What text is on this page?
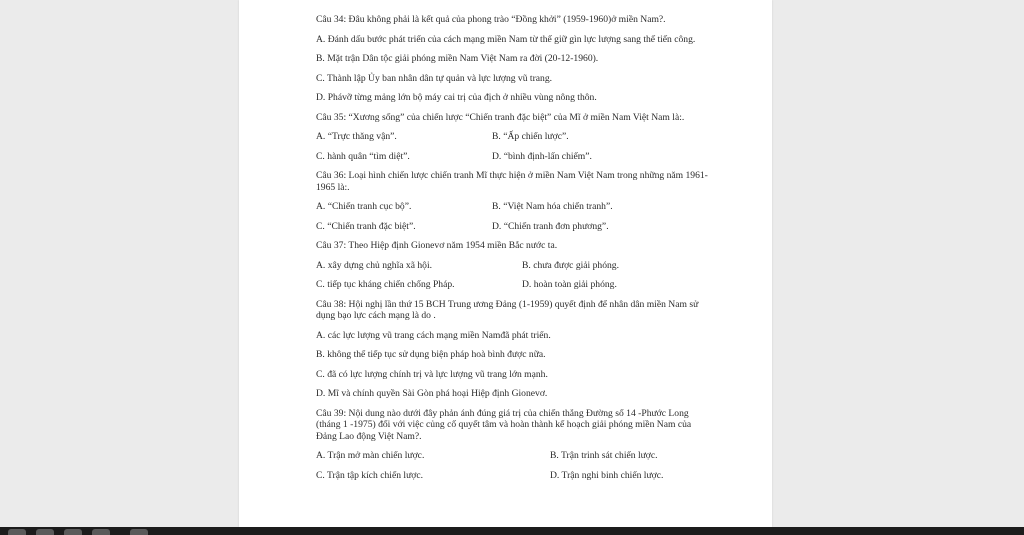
Câu 34: Đâu không phải là kết quả của phong trào “Đồng khởi” (1959-1960)ở miền Nam?.
A. Đánh dấu bước phát triển của cách mạng miền Nam từ thế giữ gìn lực lượng sang thế tiến công.
B. Mặt trận Dân tộc giải phóng miền Nam Việt Nam ra đời (20-12-1960).
C. Thành lập Ủy ban nhân dân tự quản và lực lượng vũ trang.
D. Phávỡ từng mảng lớn bộ máy cai trị của địch ở nhiều vùng nông thôn.
Câu 35: “Xương sống” của chiến lược “Chiến tranh đặc biệt” của Mĩ ở miền Nam Việt Nam là:.
A. “Trực thăng vận”.	B. “Ấp chiến lược”.
C. hành quân “tìm diệt”.	D. “bình định-lấn chiếm”.
Câu 36: Loại hình chiến lược chiến tranh Mĩ thực hiện ở miền Nam Việt Nam trong những năm 1961-1965 là:.
A. “Chiến tranh cục bộ”.	B. “Việt Nam hóa chiến tranh”.
C. “Chiến tranh đặc biệt”.	D. “Chiến tranh đơn phương”.
Câu 37: Theo Hiệp định Gionevơ năm 1954 miền Bắc nước ta.
A. xây dựng chủ nghĩa xã hội.	B. chưa được giải phóng.
C. tiếp tục kháng chiến chống Pháp.	D. hoàn toàn giải phóng.
Câu 38: Hội nghị lần thứ 15 BCH Trung ương Đảng (1-1959) quyết định để nhân dân miền Nam sử dụng bạo lực cách mạng là do .
A. các lực lượng vũ trang cách mạng miền Namđã phát triển.
B. không thể tiếp tục sử dụng biện pháp hoà bình được nữa.
C. đã có lực lượng chính trị và lực lượng vũ trang lớn mạnh.
D. Mĩ và chính quyền Sài Gòn phá hoại Hiệp định Gionevơ.
Câu 39: Nội dung nào dưới đây phản ánh đúng giá trị của chiến thắng Đường số 14 -Phước Long (tháng 1 -1975) đối với việc củng cố quyết tâm và hoàn thành kế hoạch giải phóng miền Nam của Đảng Lao động Việt Nam?.
A. Trận mở màn chiến lược.	B. Trận trinh sát chiến lược.
C. Trận tập kích chiến lược.	D. Trận nghi binh chiến lược.
